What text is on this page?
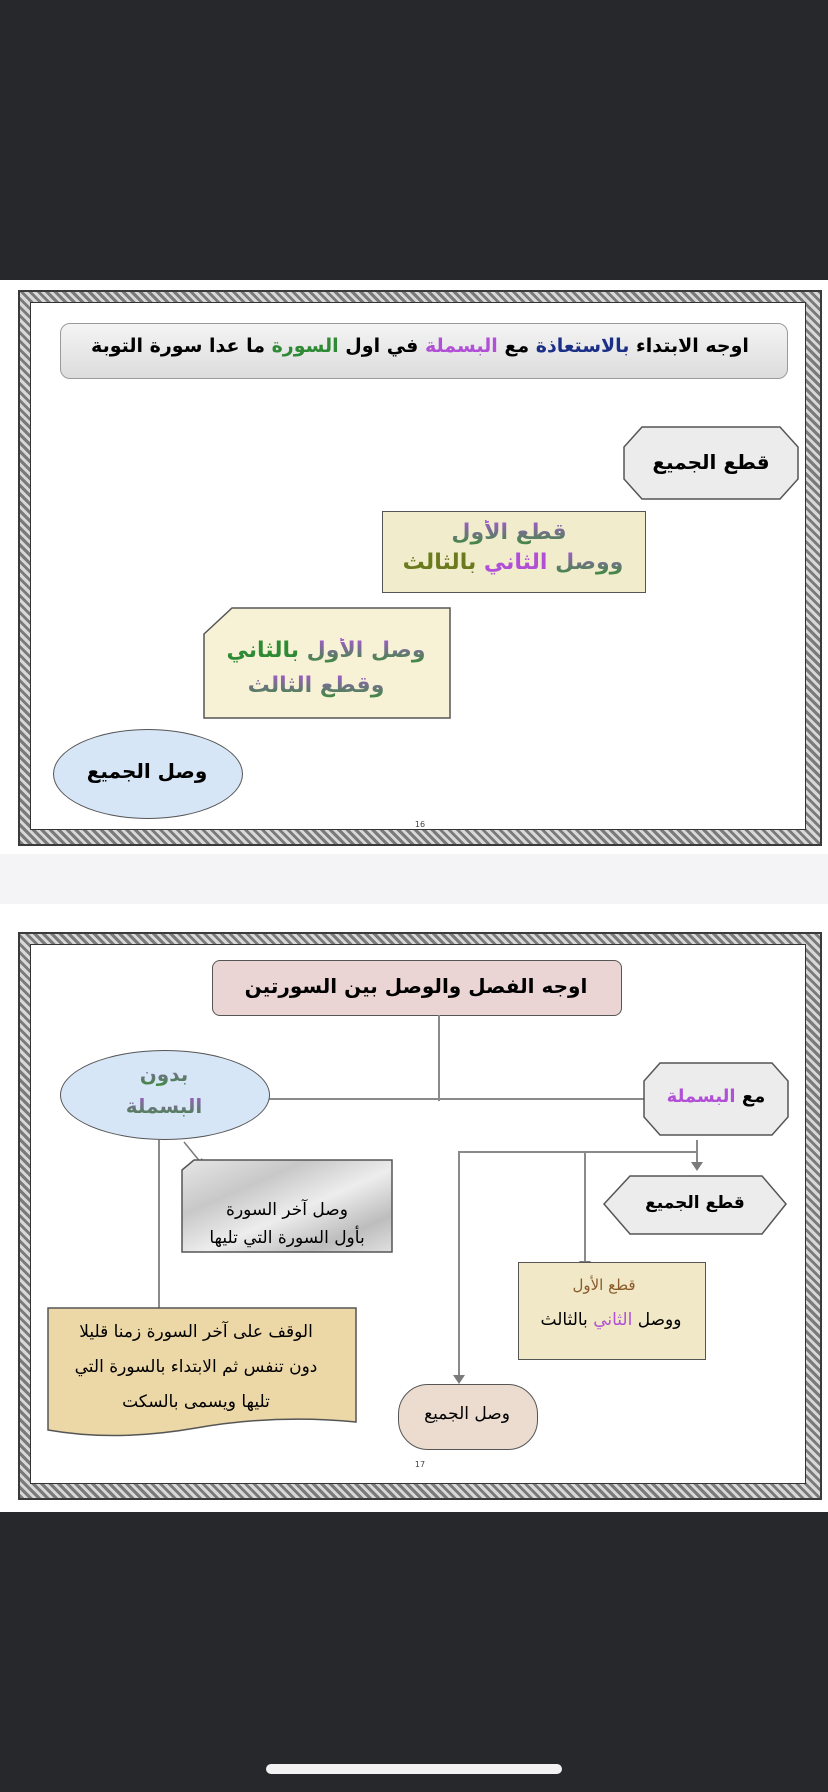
اوجه الابتداء بالاستعاذة مع البسملة في اول السورة ما عدا سورة التوبة
قطع الجميع
قطع الأول
ووصل الثاني بالثالث
وصل الأول بالثاني
وقطع الثالث
وصل الجميع
16
اوجه الفصل والوصل بين السورتين
مع البسملة
بدون
البسملة
وصل آخر السورة
بأول السورة التي تليها
قطع الجميع
قطع الأول
ووصل الثاني بالثالث
الوقف على آخر السورة زمنا قليلا
دون تنفس ثم الابتداء بالسورة التي
تليها ويسمى بالسكت
وصل الجميع
17
